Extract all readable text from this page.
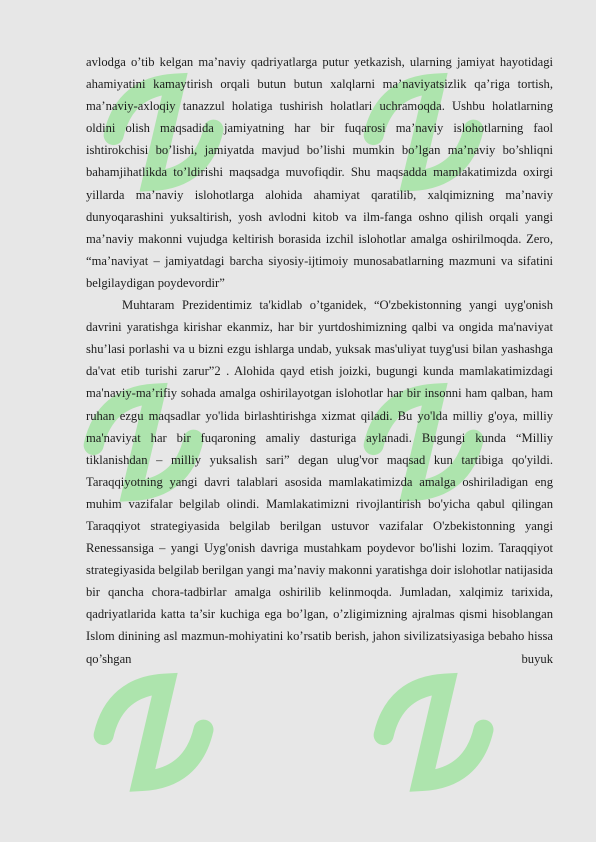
avlodga o’tib kelgan ma’naviy qadriyatlarga putur yetkazish, ularning jamiyat hayotidagi ahamiyatini kamaytirish orqali butun butun xalqlarni ma’naviyatsizlik qa’riga tortish, ma’naviy-axloqiy tanazzul holatiga tushirish holatlari uchramoqda. Ushbu holatlarning oldini olish maqsadida jamiyatning har bir fuqarosi ma’naviy islohotlarning faol ishtirokchisi bo’lishi, jamiyatda mavjud bo’lishi mumkin bo’lgan ma’naviy bo’shliqni bahamjihatlikda to’ldirishi maqsadga muvofiqdir. Shu maqsadda mamlakatimizda oxirgi yillarda ma’naviy islohotlarga alohida ahamiyat qaratilib, xalqimizning ma’naviy dunyoqarashini yuksaltirish, yosh avlodni kitob va ilm-fanga oshno qilish orqali yangi ma’naviy makonni vujudga keltirish borasida izchil islohotlar amalga oshirilmoqda. Zero, “ma’naviyat – jamiyatdagi barcha siyosiy-ijtimoiy munosabatlarning mazmuni va sifatini belgilaydigan poydevordir”

Muhtaram Prezidentimiz ta'kidlab o’tganidek, “O'zbekistonning yangi uyg'onish davrini yaratishga kirishar ekanmiz, har bir yurtdoshimizning qalbi va ongida ma'naviyat shu’lasi porlashi va u bizni ezgu ishlarga undab, yuksak mas'uliyat tuyg'usi bilan yashashga da'vat etib turishi zarur”2 . Alohida qayd etish joizki, bugungi kunda mamlakatimizdagi ma'naviy-ma’rifiy sohada amalga oshirilayotgan islohotlar har bir insonni ham qalban, ham ruhan ezgu maqsadlar yo'lida birlashtirishga xizmat qiladi. Bu yo'lda milliy g'oya, milliy ma'naviyat har bir fuqaroning amaliy dasturiga aylanadi. Bugungi kunda “Milliy tiklanishdan – milliy yuksalish sari” degan ulug'vor maqsad kun tartibiga qo'yildi. Taraqqiyotning yangi davri talablari asosida mamlakatimizda amalga oshiriladigan eng muhim vazifalar belgilab olindi. Mamlakatimizni rivojlantirish bo'yicha qabul qilingan Taraqqiyot strategiyasida belgilab berilgan ustuvor vazifalar O'zbekistonning yangi Renessansiga – yangi Uyg'onish davriga mustahkam poydevor bo'lishi lozim. Taraqqiyot strategiyasida belgilab berilgan yangi ma’naviy makonni yaratishga doir islohotlar natijasida bir qancha chora-tadbirlar amalga oshirilib kelinmoqda. Jumladan, xalqimiz tarixida, qadriyatlarida katta ta’sir kuchiga ega bo’lgan, o’zligimizning ajralmas qismi hisoblangan Islom dinining asl mazmun-mohiyatini ko’rsatib berish, jahon sivilizatsiyasiga bebaho hissa qo’shgan buyuk
